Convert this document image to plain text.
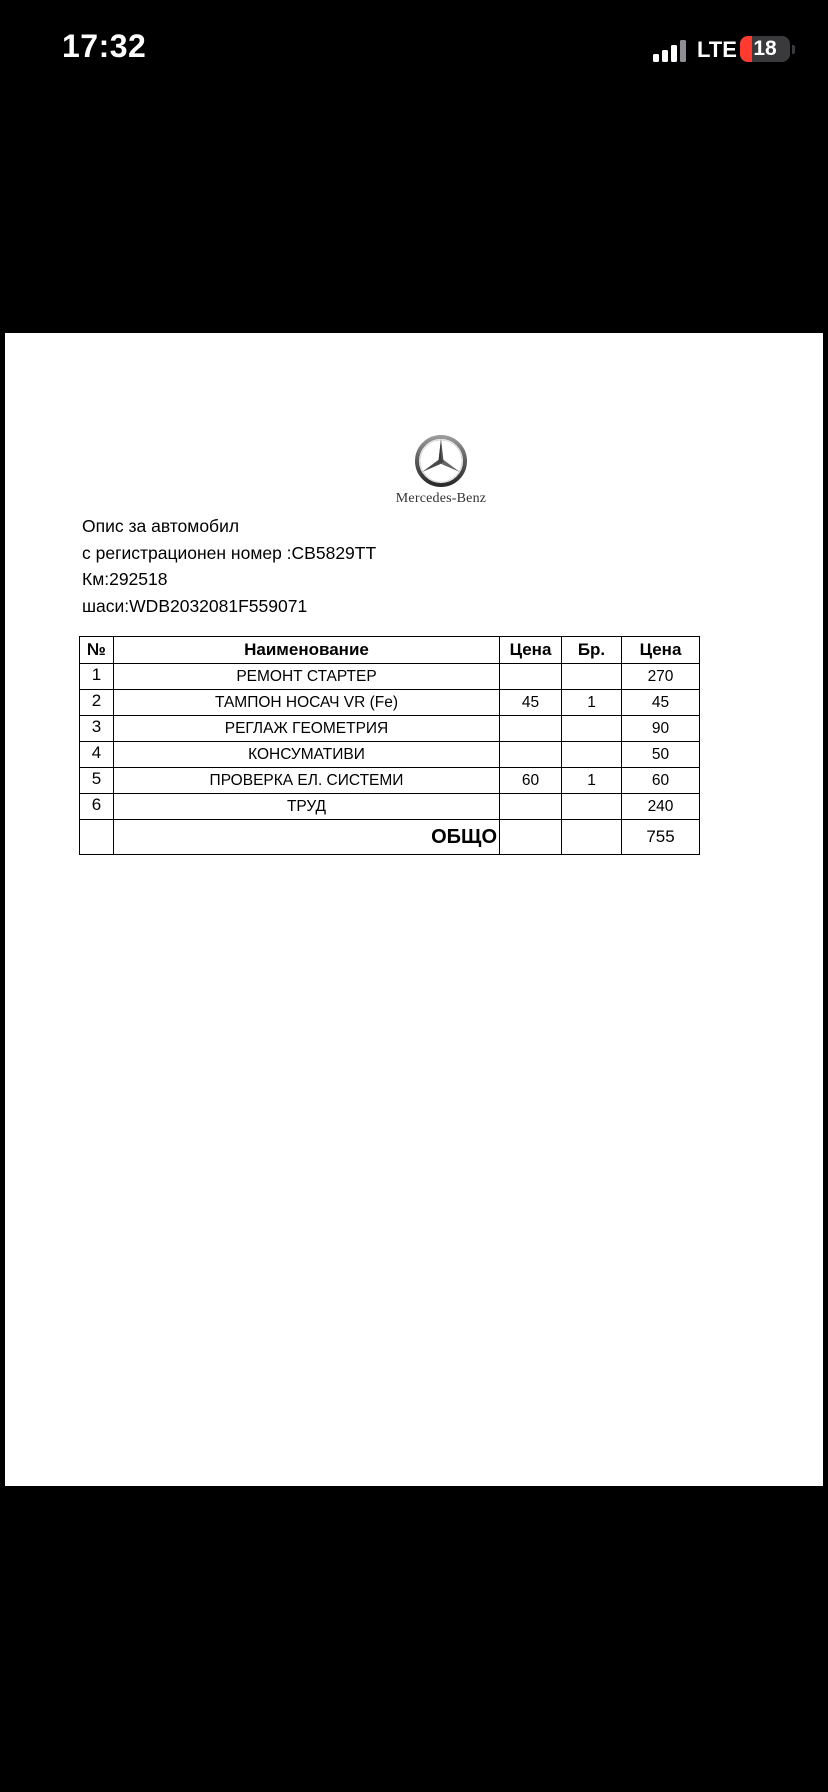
17:32	LTE 18
Mercedes-Benz
Опис за автомобил
с регистрационен номер :СВ5829ТТ
Км:292518
шаси:WDB2032081F559071
№	Наименование	Цена	Бр.	Цена
1	РЕМОНТ СТАРТЕР			270
2	ТАМПОН НОСАЧ VR (Fe)	45	1	45
3	РЕГЛАЖ ГЕОМЕТРИЯ			90
4	КОНСУМАТИВИ			50
5	ПРОВЕРКА ЕЛ. СИСТЕМИ	60	1	60
6	ТРУД			240
	ОБЩО			755
